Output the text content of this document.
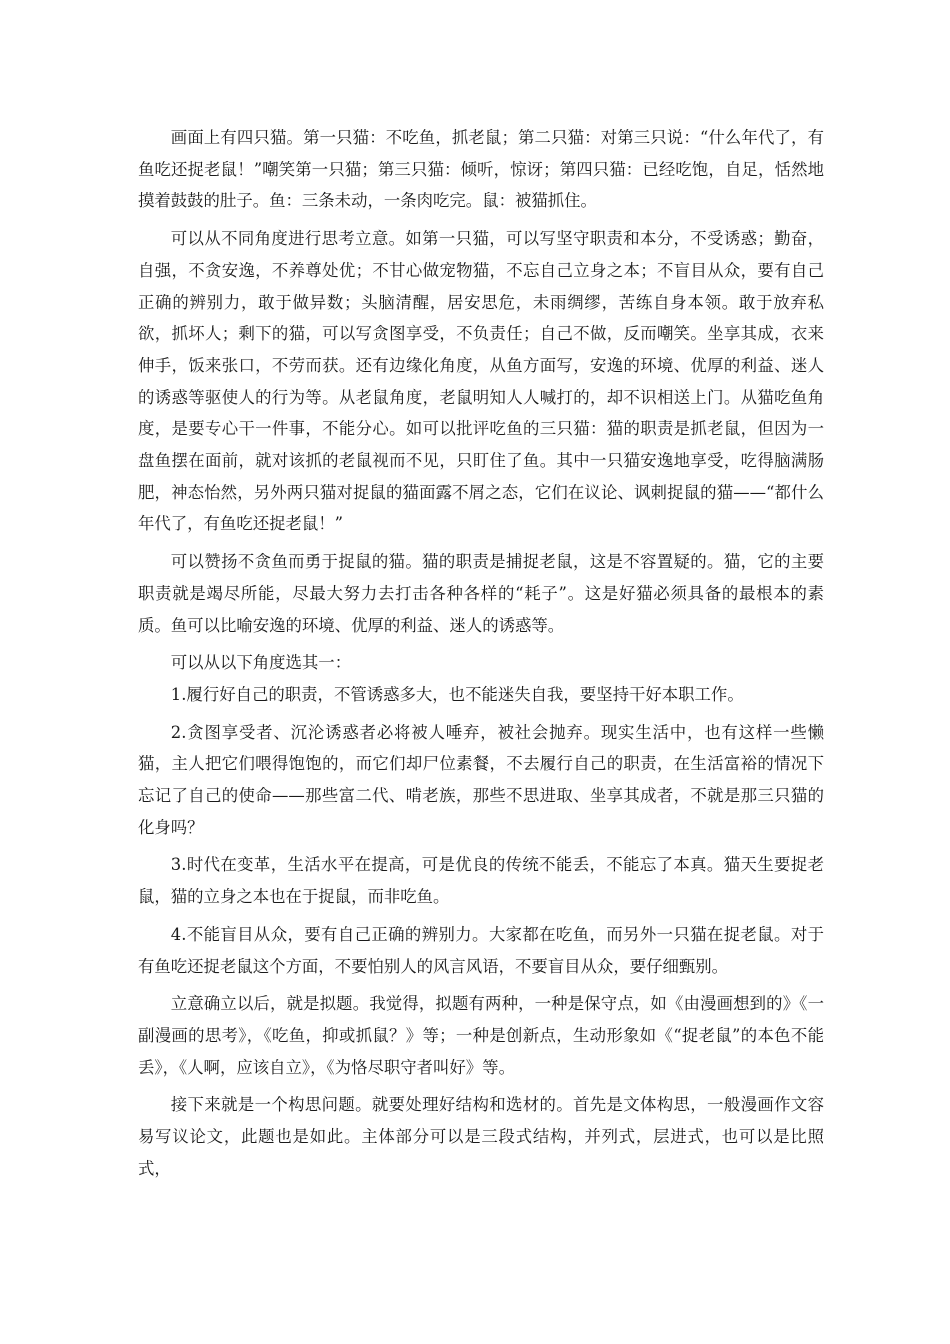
画面上有四只猫。第一只猫：不吃鱼，抓老鼠；第二只猫：对第三只说：“什么年代了，有鱼吃还捉老鼠！”嘲笑第一只猫；第三只猫：倾听，惊讶；第四只猫：已经吃饱，自足，恬然地摸着鼓鼓的肚子。鱼：三条未动，一条肉吃完。鼠：被猫抓住。

可以从不同角度进行思考立意。如第一只猫，可以写坚守职责和本分，不受诱惑；勤奋，自强，不贪安逸，不养尊处优；不甘心做宠物猫，不忘自己立身之本；不盲目从众，要有自己正确的辨别力，敢于做异数；头脑清醒，居安思危，未雨绸缪，苦练自身本领。敢于放弃私欲，抓坏人；剩下的猫，可以写贪图享受，不负责任；自己不做，反而嘲笑。坐享其成，衣来伸手，饭来张口，不劳而获。还有边缘化角度，从鱼方面写，安逸的环境、优厚的利益、迷人的诱惑等驱使人的行为等。从老鼠角度，老鼠明知人人喊打的，却不识相送上门。从猫吃鱼角度，是要专心干一件事，不能分心。如可以批评吃鱼的三只猫：猫的职责是抓老鼠，但因为一盘鱼摆在面前，就对该抓的老鼠视而不见，只盯住了鱼。其中一只猫安逸地享受，吃得脑满肠肥，神态怡然，另外两只猫对捉鼠的猫面露不屑之态，它们在议论、讽刺捉鼠的猫——“都什么年代了，有鱼吃还捉老鼠！”

可以赞扬不贪鱼而勇于捉鼠的猫。猫的职责是捕捉老鼠，这是不容置疑的。猫，它的主要职责就是竭尽所能，尽最大努力去打击各种各样的“耗子”。这是好猫必须具备的最根本的素质。鱼可以比喻安逸的环境、优厚的利益、迷人的诱惑等。

可以从以下角度选其一：

1.履行好自己的职责，不管诱惑多大，也不能迷失自我，要坚持干好本职工作。

2.贪图享受者、沉沦诱惑者必将被人唾弃，被社会抛弃。现实生活中，也有这样一些懒猫，主人把它们喂得饱饱的，而它们却尸位素餐，不去履行自己的职责，在生活富裕的情况下忘记了自己的使命——那些富二代、啃老族，那些不思进取、坐享其成者，不就是那三只猫的化身吗？

3.时代在变革，生活水平在提高，可是优良的传统不能丢，不能忘了本真。猫天生要捉老鼠，猫的立身之本也在于捉鼠，而非吃鱼。

4.不能盲目从众，要有自己正确的辨别力。大家都在吃鱼，而另外一只猫在捉老鼠。对于有鱼吃还捉老鼠这个方面，不要怕别人的风言风语，不要盲目从众，要仔细甄别。

立意确立以后，就是拟题。我觉得，拟题有两种，一种是保守点，如《由漫画想到的》《一副漫画的思考》，《吃鱼，抑或抓鼠？》等；一种是创新点，生动形象如《“捉老鼠”的本色不能丢》，《人啊，应该自立》，《为恪尽职守者叫好》等。

接下来就是一个构思问题。就要处理好结构和选材的。首先是文体构思，一般漫画作文容易写议论文，此题也是如此。主体部分可以是三段式结构，并列式，层进式，也可以是比照式，
